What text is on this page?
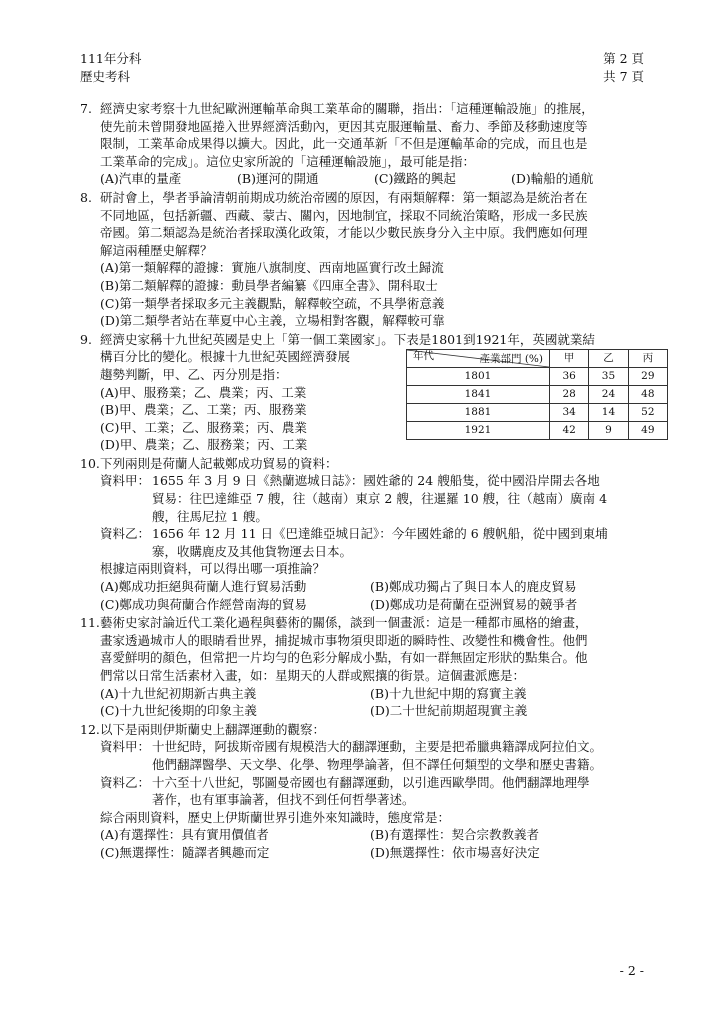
111年分科
歷史考科
第 2 頁
共 7 頁
7. 經濟史家考察十九世紀歐洲運輸革命與工業革命的關聯，指出：「這種運輸設施」的推展，

使先前未曾開發地區捲入世界經濟活動內，更因其克服運輸量、畜力、季節及移動速度等

限制，工業革命成果得以擴大。因此，此一交通革新「不但是運輸革命的完成，而且也是

工業革命的完成」。這位史家所說的「這種運輸設施」，最可能是指：

(A)汽車的量產	(B)運河的開通	(C)鐵路的興起	(D)輪船的通航
8. 研討會上，學者爭論清朝前期成功統治帝國的原因，有兩類解釋：第一類認為是統治者在

不同地區，包括新疆、西藏、蒙古、關內，因地制宜，採取不同統治策略，形成一多民族

帝國。第二類認為是統治者採取漢化政策，才能以少數民族身分入主中原。我們應如何理

解這兩種歷史解釋？

(A)第一類解釋的證據：實施八旗制度、西南地區實行改土歸流
(B)第二類解釋的證據：動員學者編纂《四庫全書》、開科取士
(C)第一類學者採取多元主義觀點，解釋較空疏，不具學術意義
(D)第二類學者站在華夏中心主義，立場相對客觀，解釋較可靠
9. 經濟史家稱十九世紀英國是史上「第一個工業國家」。下表是1801到1921年，英國就業結

構百分比的變化。根據十九世紀英國經濟發展
趨勢判斷，甲、乙、丙分別是指：
(A)甲、服務業；乙、農業；丙、工業
(B)甲、農業；乙、工業；丙、服務業
(C)甲、工業；乙、服務業；丙、農業
(D)甲、農業；乙、服務業；丙、工業
產業部門 (%)
年代	甲	乙	丙
1801	36	35	29
1841	28	24	48
1881	34	14	52
1921	42	9	49
10. 下列兩則是荷蘭人記載鄭成功貿易的資料：
資料甲： 1655 年 3 月 9 日《熱蘭遮城日誌》：國姓爺的 24 艘船隻，從中國沿岸開去各地
貿易：往巴達維亞 7 艘，往（越南）東京 2 艘，往暹羅 10 艘，往（越南）廣南 4
艘，往馬尼拉 1 艘。
資料乙： 1656 年 12 月 11 日《巴達維亞城日記》：今年國姓爺的 6 艘帆船，從中國到東埔
寨，收購鹿皮及其他貨物運去日本。
根據這兩則資料，可以得出哪一項推論？
(A)鄭成功拒絕與荷蘭人進行貿易活動	(B)鄭成功獨占了與日本人的鹿皮貿易
(C)鄭成功與荷蘭合作經營南海的貿易	(D)鄭成功是荷蘭在亞洲貿易的競爭者
11. 藝術史家討論近代工業化過程與藝術的關係，談到一個畫派：這是一種都市風格的繪畫，

畫家透過城市人的眼睛看世界，捕捉城市事物須臾即逝的瞬時性、改變性和機會性。他們

喜愛鮮明的顏色，但常把一片均勻的色彩分解成小點，有如一群無固定形狀的點集合。他

們常以日常生活素材入畫，如：星期天的人群或熙攘的街景。這個畫派應是：

(A)十九世紀初期新古典主義	(B)十九世紀中期的寫實主義
(C)十九世紀後期的印象主義	(D)二十世紀前期超現實主義
12. 以下是兩則伊斯蘭史上翻譯運動的觀察：
資料甲： 十世紀時，阿拔斯帝國有規模浩大的翻譯運動，主要是把希臘典籍譯成阿拉伯文。
他們翻譯醫學、天文學、化學、物理學論著，但不譯任何類型的文學和歷史書籍。
資料乙： 十六至十八世紀，鄂圖曼帝國也有翻譯運動，以引進西歐學問。他們翻譯地理學
著作，也有軍事論著，但找不到任何哲學著述。
綜合兩則資料，歷史上伊斯蘭世界引進外來知識時，態度常是：
(A)有選擇性：具有實用價值者	(B)有選擇性：契合宗教教義者
(C)無選擇性：隨譯者興趣而定	(D)無選擇性：依市場喜好決定
- 2 -
